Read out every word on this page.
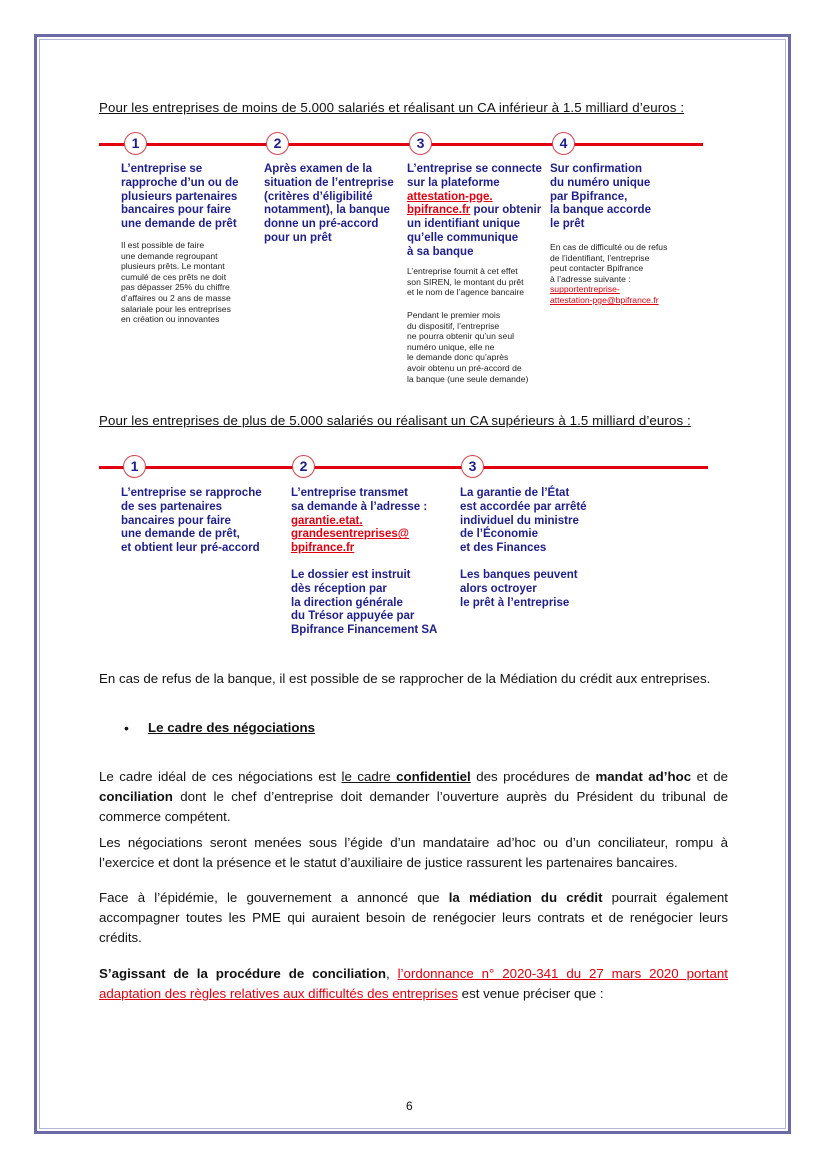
Pour les entreprises de moins de 5.000 salariés et réalisant un CA inférieur à 1.5 milliard d’euros :
1	2	3	4
L’entreprise se
rapproche d’un ou de
plusieurs partenaires
bancaires pour faire
une demande de prêt
Il est possible de faire
une demande regroupant
plusieurs prêts. Le montant
cumulé de ces prêts ne doit
pas dépasser 25% du chiffre
d’affaires ou 2 ans de masse
salariale pour les entreprises
en création ou innovantes
Après examen de la
situation de l’entreprise
(critères d’éligibilité
notamment), la banque
donne un pré-accord
pour un prêt
L’entreprise se connecte
sur la plateforme
attestation-pge.
bpifrance.fr pour obtenir
un identifiant unique
qu’elle communique
à sa banque
L’entreprise fournit à cet effet
son SIREN, le montant du prêt
et le nom de l’agence bancaire
Pendant le premier mois
du dispositif, l’entreprise
ne pourra obtenir qu’un seul
numéro unique, elle ne
le demande donc qu’après
avoir obtenu un pré-accord de
la banque (une seule demande)
Sur confirmation
du numéro unique
par Bpifrance,
la banque accorde
le prêt
En cas de difficulté ou de refus
de l’identifiant, l’entreprise
peut contacter Bpifrance
à l’adresse suivante :
supportentreprise-
attestation-pge@bpifrance.fr
Pour les entreprises de plus de 5.000 salariés ou réalisant un CA supérieurs à 1.5 milliard d’euros :
1	2	3
L’entreprise se rapproche
de ses partenaires
bancaires pour faire
une demande de prêt,
et obtient leur pré-accord
L’entreprise transmet
sa demande à l’adresse :
garantie.etat.
grandesentreprises@
bpifrance.fr
Le dossier est instruit
dès réception par
la direction générale
du Trésor appuyée par
Bpifrance Financement SA
La garantie de l’État
est accordée par arrêté
individuel du ministre
de l’Économie
et des Finances
Les banques peuvent
alors octroyer
le prêt à l’entreprise
En cas de refus de la banque, il est possible de se rapprocher de la Médiation du crédit aux entreprises.
• Le cadre des négociations
Le cadre idéal de ces négociations est le cadre confidentiel des procédures de mandat ad’hoc et de conciliation dont le chef d’entreprise doit demander l’ouverture auprès du Président du tribunal de commerce compétent.
Les négociations seront menées sous l’égide d’un mandataire ad’hoc ou d’un conciliateur, rompu à l’exercice et dont la présence et le statut d’auxiliaire de justice rassurent les partenaires bancaires.
Face à l’épidémie, le gouvernement a annoncé que la médiation du crédit pourrait également accompagner toutes les PME qui auraient besoin de renégocier leurs contrats et de renégocier leurs crédits.
S’agissant de la procédure de conciliation, l’ordonnance n° 2020-341 du 27 mars 2020 portant adaptation des règles relatives aux difficultés des entreprises est venue préciser que :
6
